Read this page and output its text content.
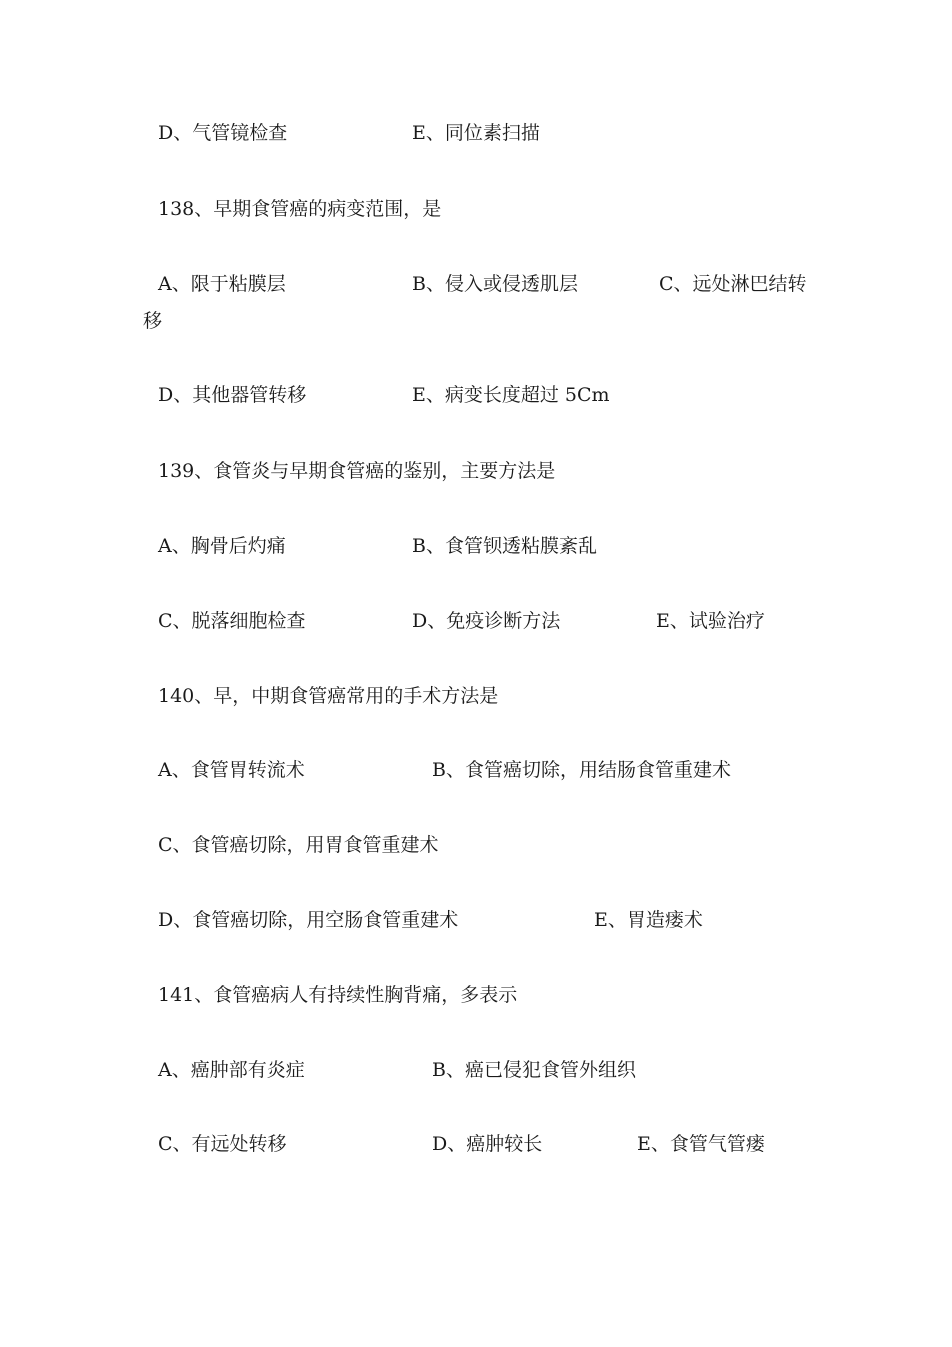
D、气管镜检查	E、同位素扫描
138、早期食管癌的病变范围，是
A、限于粘膜层	B、侵入或侵透肌层	C、远处淋巴结转
移
D、其他器管转移	E、病变长度超过 5Cm
139、食管炎与早期食管癌的鉴别，主要方法是
A、胸骨后灼痛	B、食管钡透粘膜紊乱
C、脱落细胞检查	D、免疫诊断方法	E、试验治疗
140、早，中期食管癌常用的手术方法是
A、食管胃转流术	B、食管癌切除，用结肠食管重建术
C、食管癌切除，用胃食管重建术
D、食管癌切除，用空肠食管重建术	E、胃造瘘术
141、食管癌病人有持续性胸背痛，多表示
A、癌肿部有炎症	B、癌已侵犯食管外组织
C、有远处转移	D、癌肿较长	E、食管气管瘘
